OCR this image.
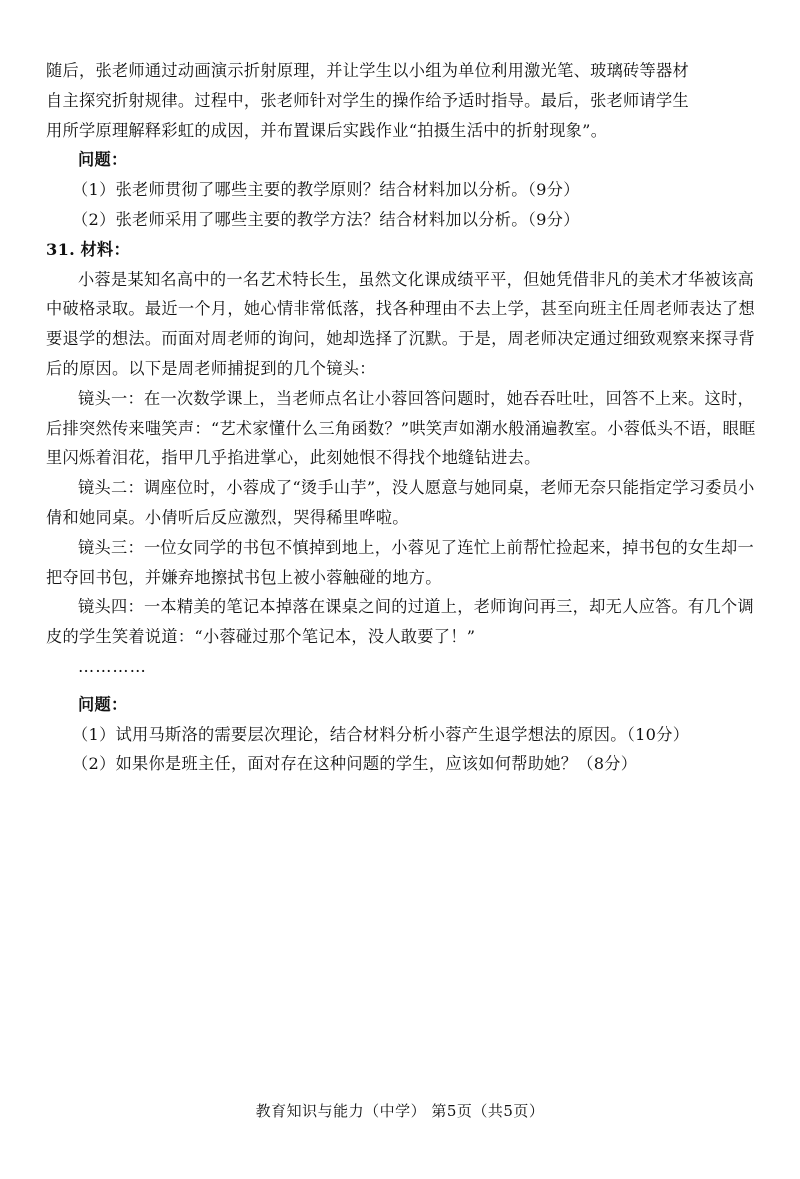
随后，张老师通过动画演示折射原理，并让学生以小组为单位利用激光笔、玻璃砖等器材

自主探究折射规律。过程中，张老师针对学生的操作给予适时指导。最后，张老师请学生

用所学原理解释彩虹的成因，并布置课后实践作业“拍摄生活中的折射现象”。

问题：

（1）张老师贯彻了哪些主要的教学原则？结合材料加以分析。（9分）

（2）张老师采用了哪些主要的教学方法？结合材料加以分析。（9分）

31. 材料：

小蓉是某知名高中的一名艺术特长生，虽然文化课成绩平平，但她凭借非凡的美术才华被该高中破格录取。最近一个月，她心情非常低落，找各种理由不去上学，甚至向班主任周老师表达了想要退学的想法。而面对周老师的询问，她却选择了沉默。于是，周老师决定通过细致观察来探寻背后的原因。以下是周老师捕捉到的几个镜头：

镜头一：在一次数学课上，当老师点名让小蓉回答问题时，她吞吞吐吐，回答不上来。这时，后排突然传来嗤笑声：“艺术家懂什么三角函数？”哄笑声如潮水般涌遍教室。小蓉低头不语，眼眶里闪烁着泪花，指甲几乎掐进掌心，此刻她恨不得找个地缝钻进去。

镜头二：调座位时，小蓉成了“烫手山芋”，没人愿意与她同桌，老师无奈只能指定学习委员小倩和她同桌。小倩听后反应激烈，哭得稀里哗啦。

镜头三：一位女同学的书包不慎掉到地上，小蓉见了连忙上前帮忙捡起来，掉书包的女生却一把夺回书包，并嫌弃地擦拭书包上被小蓉触碰的地方。

镜头四：一本精美的笔记本掉落在课桌之间的过道上，老师询问再三，却无人应答。有几个调皮的学生笑着说道：“小蓉碰过那个笔记本，没人敢要了！”

…………

问题：

（1）试用马斯洛的需要层次理论，结合材料分析小蓉产生退学想法的原因。（10分）

（2）如果你是班主任，面对存在这种问题的学生，应该如何帮助她？（8分）

教育知识与能力（中学） 第5页（共5页）
